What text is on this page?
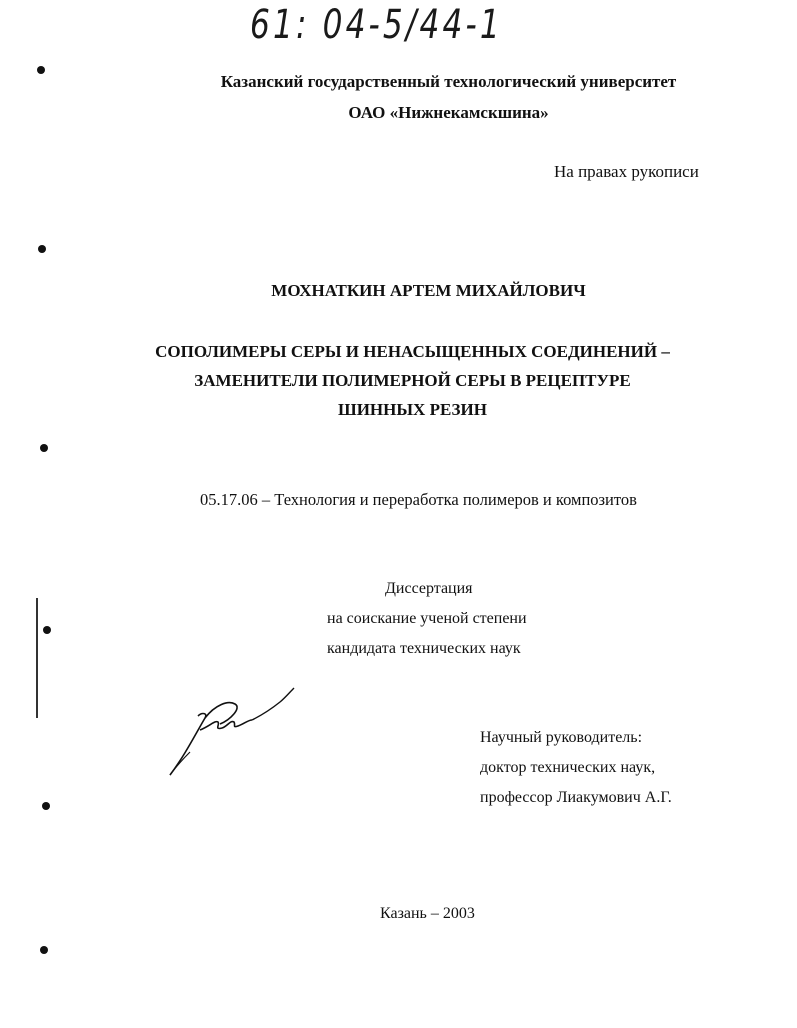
61: 04-5/44-1
Казанский государственный технологический университет
ОАО «Нижнекамскшина»
На правах рукописи
МОХНАТКИН АРТЕМ МИХАЙЛОВИЧ
СОПОЛИМЕРЫ СЕРЫ И НЕНАСЫЩЕННЫХ СОЕДИНЕНИЙ –
ЗАМЕНИТЕЛИ ПОЛИМЕРНОЙ СЕРЫ В РЕЦЕПТУРЕ
ШИННЫХ РЕЗИН
05.17.06 – Технология и переработка полимеров и композитов
Диссертация
на соискание ученой степени
кандидата технических наук
Научный руководитель:
доктор технических наук,
профессор Лиакумович А.Г.
Казань – 2003
